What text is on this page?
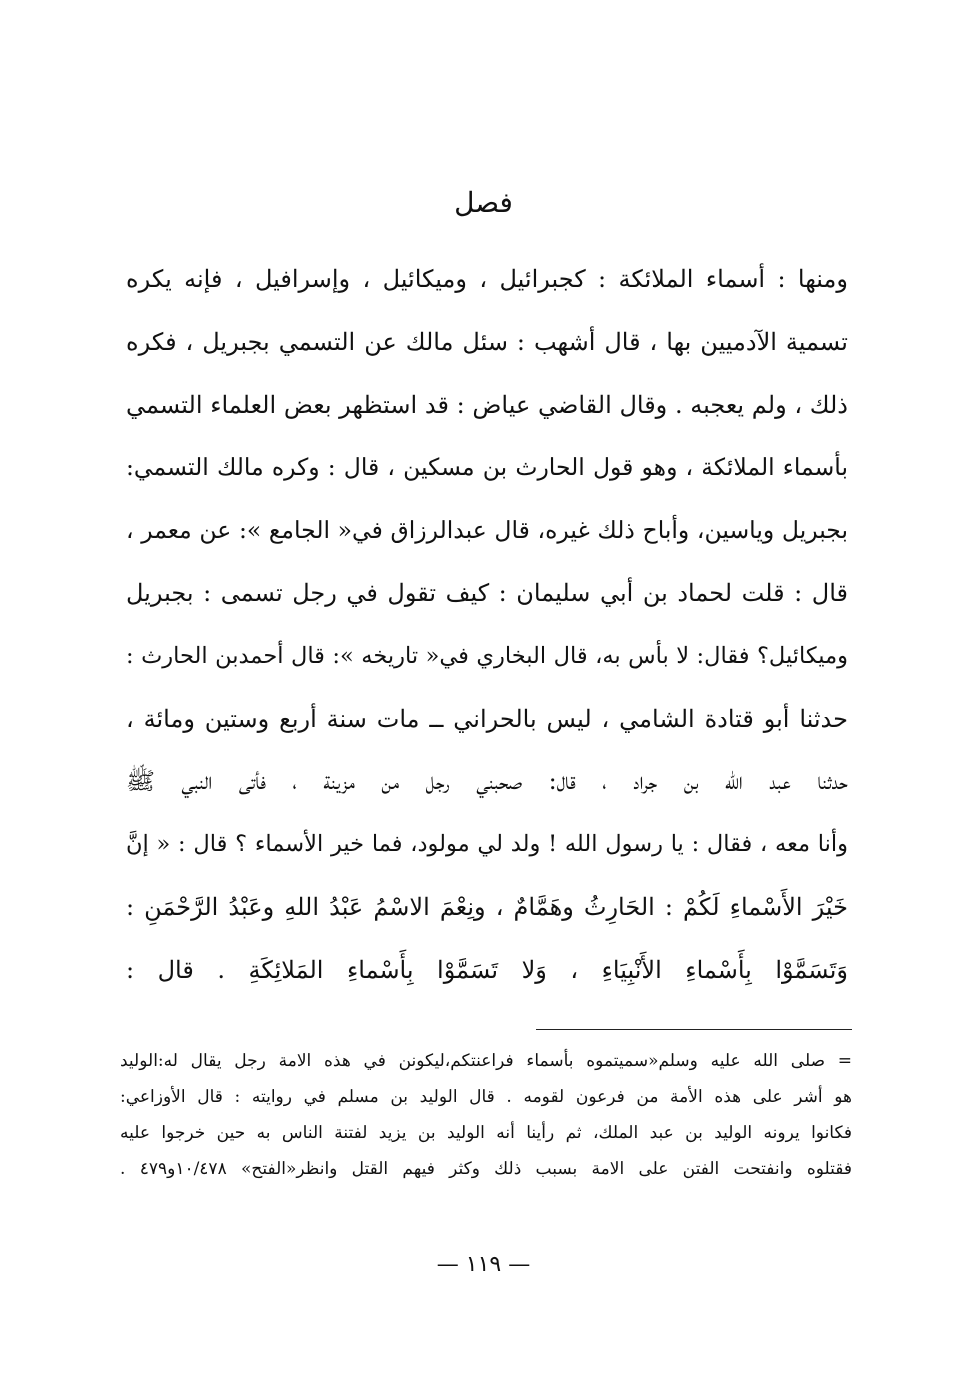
فصل
ومنها : أسماء الملائكة : كجبرائيل ، وميكائيل ، وإسرافيل ، فإنه يكره
تسمية الآدميين بها ، قال أشهب : سئل مالك عن التسمي بجبريل ، فكره
ذلك ، ولم يعجبه . وقال القاضي عياض : قد استظهر بعض العلماء التسمي
بأسماء الملائكة ، وهو قول الحارث بن مسكين ، قال : وكره مالك التسمي:
بجبريل وياسين، وأباح ذلك غيره، قال عبدالرزاق في« الجامع »: عن معمر ،
قال : قلت لحماد بن أبي سليمان : كيف تقول في رجل تسمى : بجبريل
وميكائيل؟ فقال: لا بأس به، قال البخاري في« تاريخه »: قال أحمدبن الحارث :
حدثنا أبو قتادة الشامي ، ليس بالحراني ــ مات سنة أربع وستين ومائة ،
حدثنا عبد الله بن جراد ، قال: صحبني رجل من مزينة ، فأتى النبي ﷺ
وأنا معه ، فقال : يا رسول الله ! ولد لي مولود، فما خير الأسماء ؟ قال : « إنَّ
خَيْرَ الأَسْماءِ لَكُمْ : الحَارِثُ وهَمَّامٌ ، ونِعْمَ الاسْمُ عَبْدُ اللهِ وعَبْدُ الرَّحْمَنِ :
وَتَسَمَّوْا بِأَسْماءِ الأَنْبِيَاءِ ، وَلا تَسَمَّوْا بِأَسْماءِ المَلائِكَةِ . قال :
= صلى الله عليه وسلم«سميتموه بأسماء فراعنتكم،ليكونن في هذه الامة رجل يقال له:الوليد
هو أشر على هذه الأمة من فرعون لقومه . قال الوليد بن مسلم في روايته : قال الأوزاعي:
فكانوا يرونه الوليد بن عبد الملك، ثم رأينا أنه الوليد بن يزيد لفتنة الناس به حين خرجوا عليه
فقتلوه وانفتحت الفتن على الامة بسبب ذلك وكثر فيهم القتل وانظر«الفتح» ١٠/٤٧٨و٤٧٩ .
— ١١٩ —
